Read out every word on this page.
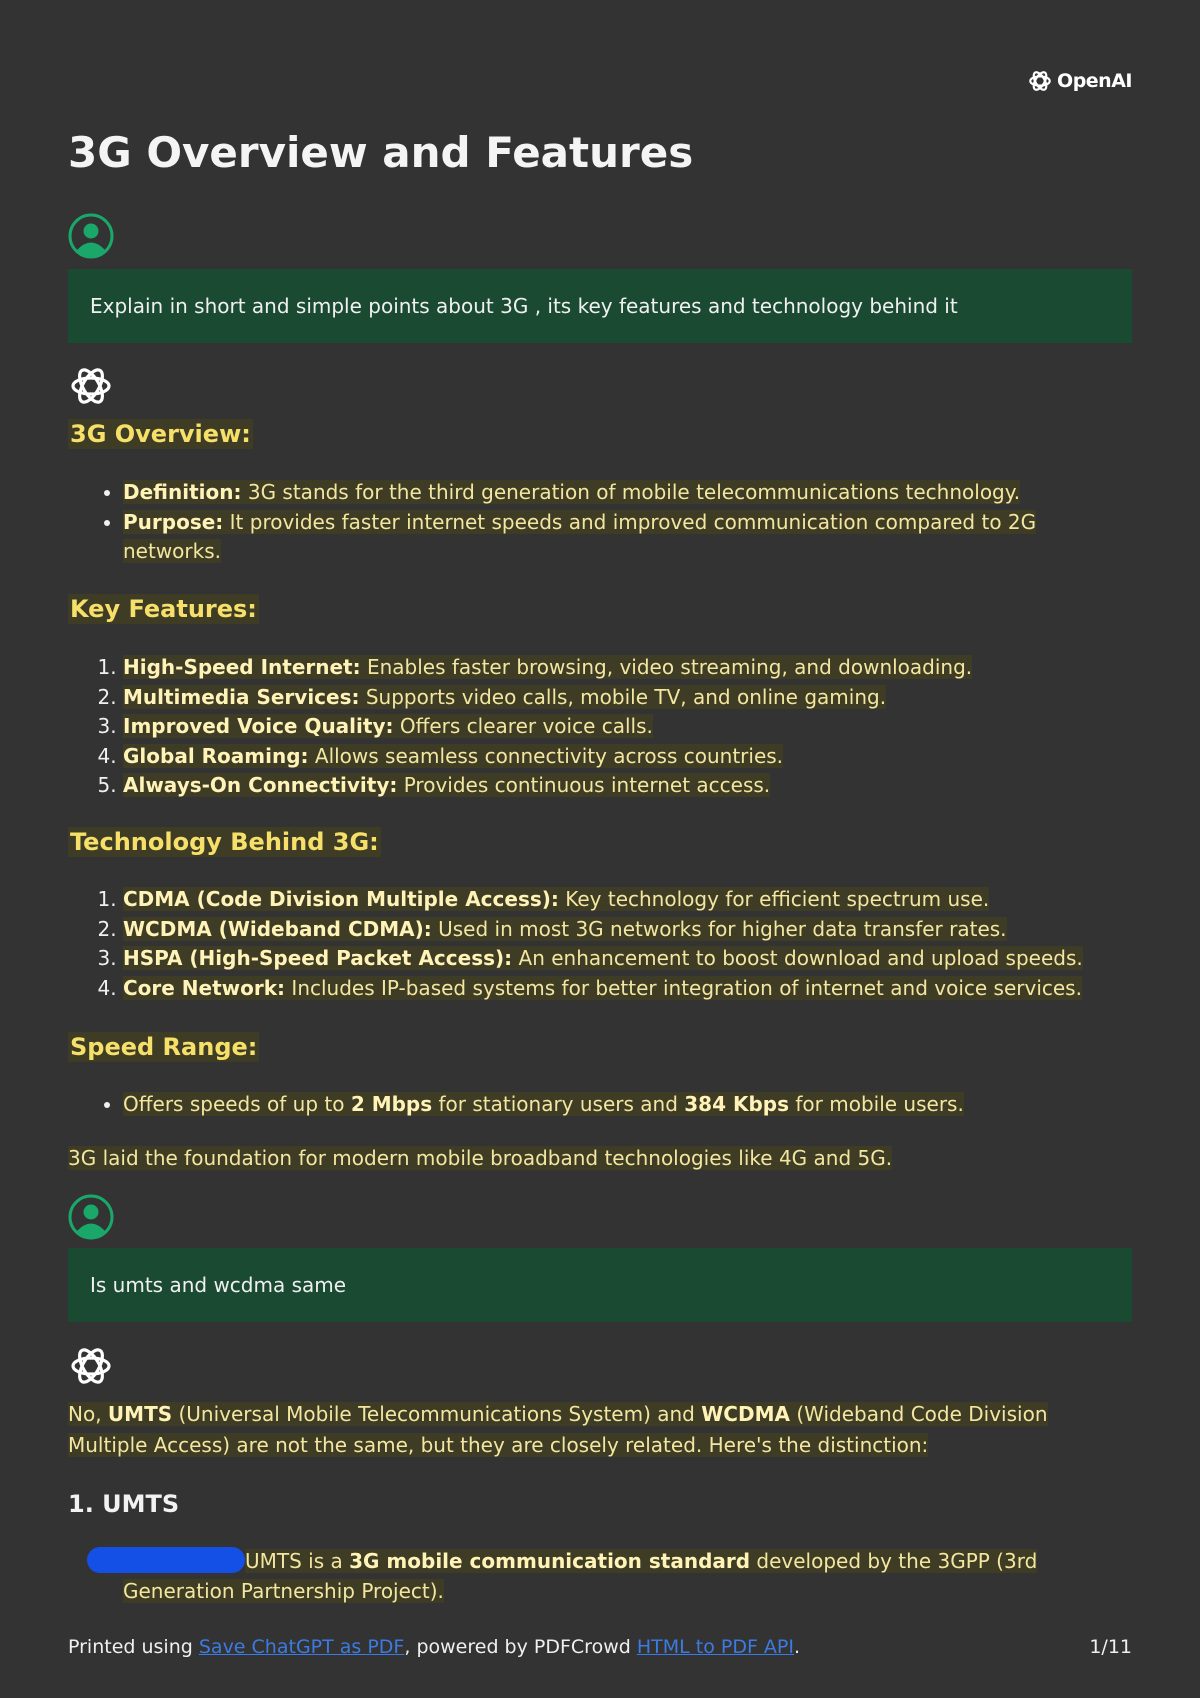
OpenAI
3G Overview and Features
Explain in short and simple points about 3G , its key features and technology behind it
3G Overview:
• Definition: 3G stands for the third generation of mobile telecommunications technology.
• Purpose: It provides faster internet speeds and improved communication compared to 2G networks.
Key Features:
1. High-Speed Internet: Enables faster browsing, video streaming, and downloading.
2. Multimedia Services: Supports video calls, mobile TV, and online gaming.
3. Improved Voice Quality: Offers clearer voice calls.
4. Global Roaming: Allows seamless connectivity across countries.
5. Always-On Connectivity: Provides continuous internet access.
Technology Behind 3G:
1. CDMA (Code Division Multiple Access): Key technology for efficient spectrum use.
2. WCDMA (Wideband CDMA): Used in most 3G networks for higher data transfer rates.
3. HSPA (High-Speed Packet Access): An enhancement to boost download and upload speeds.
4. Core Network: Includes IP-based systems for better integration of internet and voice services.
Speed Range:
• Offers speeds of up to 2 Mbps for stationary users and 384 Kbps for mobile users.

3G laid the foundation for modern mobile broadband technologies like 4G and 5G.

Is umts and wcdma same

No, UMTS (Universal Mobile Telecommunications System) and WCDMA (Wideband Code Division Multiple Access) are not the same, but they are closely related. Here's the distinction:

1. UMTS
UMTS is a 3G mobile communication standard developed by the 3GPP (3rd Generation Partnership Project).
Printed using Save ChatGPT as PDF, powered by PDFCrowd HTML to PDF API.	1/11
